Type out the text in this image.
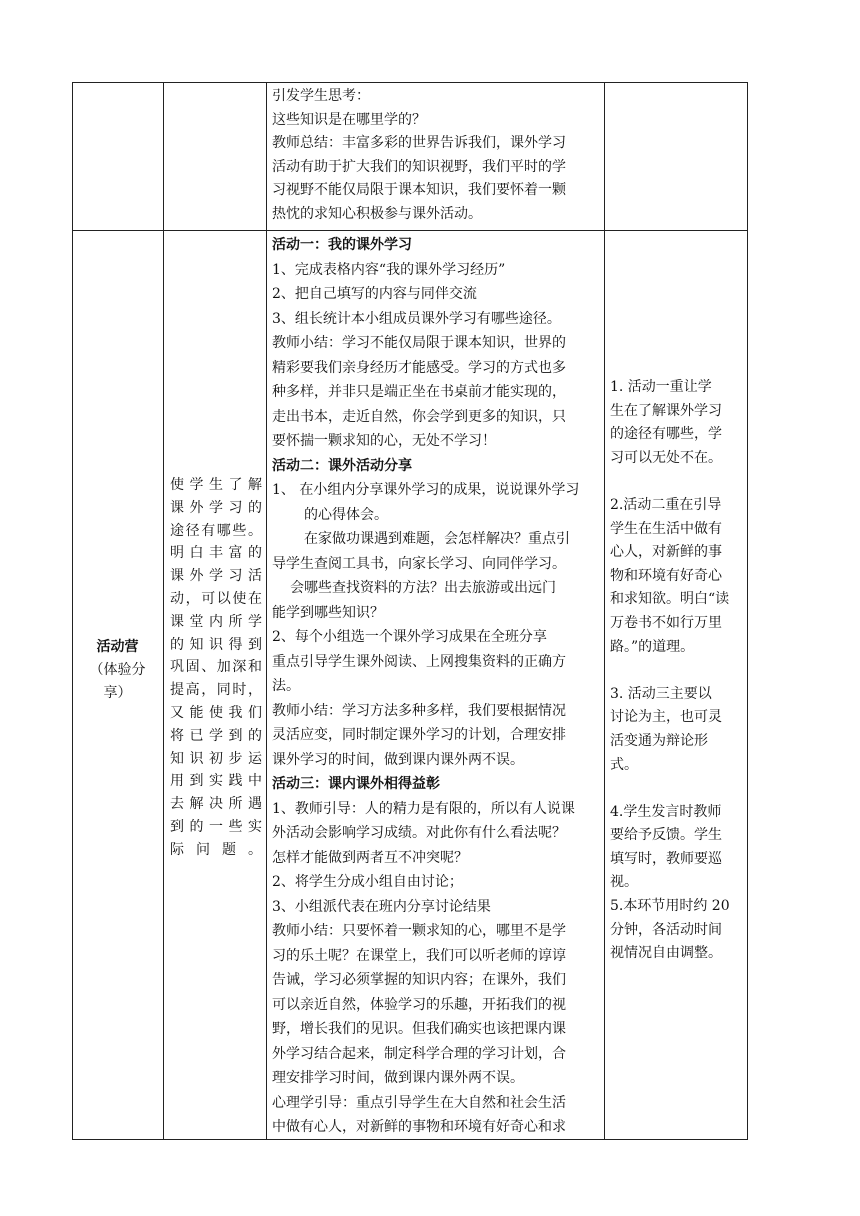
引发学生思考：
这些知识是在哪里学的？
教师总结：丰富多彩的世界告诉我们，课外学习
活动有助于扩大我们的知识视野，我们平时的学
习视野不能仅局限于课本知识，我们要怀着一颗
热忱的求知心积极参与课外活动。
活动营
（体验分
享）
使学生了解
课外学习的
途径有哪些。
明白丰富的
课外学习活
动，可以使在
课堂内所学
的知识得到
巩固、加深和
提高，同时，
又能使我们
将已学到的
知识初步运
用到实践中
去解决所遇
到的一些实
际问题。
活动一：我的课外学习
1、完成表格内容“我的课外学习经历”
2、把自己填写的内容与同伴交流
3、组长统计本小组成员课外学习有哪些途径。
教师小结：学习不能仅局限于课本知识，世界的
精彩要我们亲身经历才能感受。学习的方式也多
种多样，并非只是端正坐在书桌前才能实现的，
走出书本，走近自然，你会学到更多的知识，只
要怀揣一颗求知的心，无处不学习！
活动二：课外活动分享
1、 在小组内分享课外学习的成果，说说课外学习
的心得体会。
在家做功课遇到难题，会怎样解决？重点引
导学生查阅工具书，向家长学习、向同伴学习。
会哪些查找资料的方法？出去旅游或出远门
能学到哪些知识？
2、每个小组选一个课外学习成果在全班分享
重点引导学生课外阅读、上网搜集资料的正确方
法。
教师小结：学习方法多种多样，我们要根据情况
灵活应变，同时制定课外学习的计划，合理安排
课外学习的时间，做到课内课外两不误。
活动三：课内课外相得益彰
1、教师引导：人的精力是有限的，所以有人说课
外活动会影响学习成绩。对此你有什么看法呢？
怎样才能做到两者互不冲突呢？
2、将学生分成小组自由讨论；
3、小组派代表在班内分享讨论结果
教师小结：只要怀着一颗求知的心，哪里不是学
习的乐土呢？在课堂上，我们可以听老师的谆谆
告诫，学习必须掌握的知识内容；在课外，我们
可以亲近自然，体验学习的乐趣，开拓我们的视
野，增长我们的见识。但我们确实也该把课内课
外学习结合起来，制定科学合理的学习计划，合
理安排学习时间，做到课内课外两不误。
心理学引导：重点引导学生在大自然和社会生活
中做有心人，对新鲜的事物和环境有好奇心和求
1. 活动一重让学
生在了解课外学习
的途径有哪些，学
习可以无处不在。
2.活动二重在引导
学生在生活中做有
心人，对新鲜的事
物和环境有好奇心
和求知欲。明白“读
万卷书不如行万里
路。”的道理。
3. 活动三主要以
讨论为主，也可灵
活变通为辩论形
式。
4.学生发言时教师
要给予反馈。学生
填写时，教师要巡
视。
5.本环节用时约 20
分钟，各活动时间
视情况自由调整。
